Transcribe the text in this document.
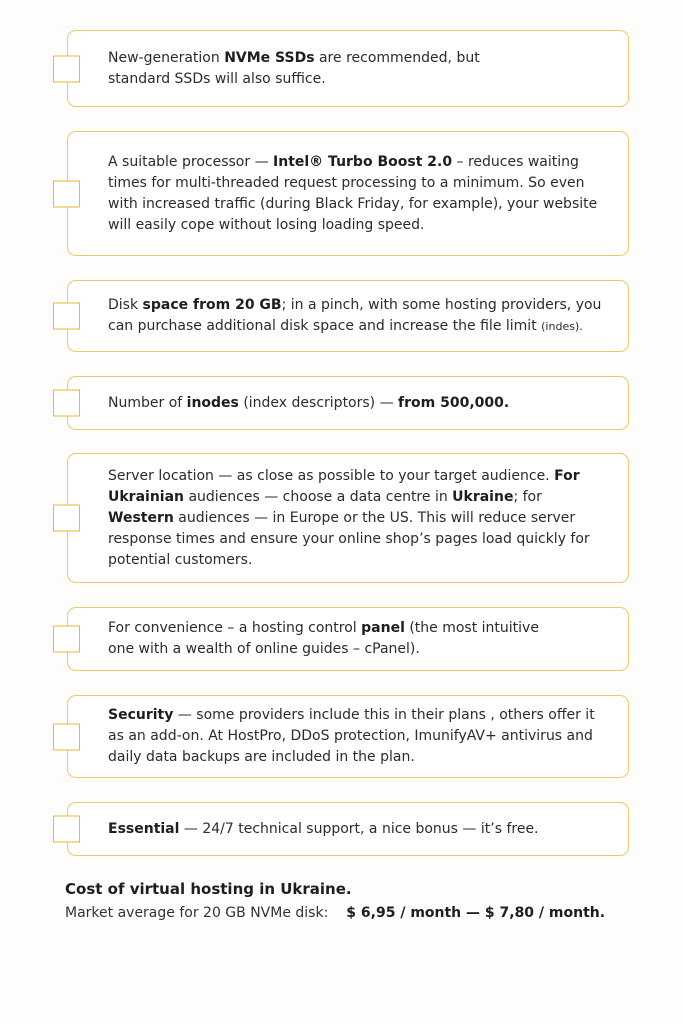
New-generation NVMe SSDs are recommended, but standard SSDs will also suffice.
A suitable processor — Intel® Turbo Boost 2.0 – reduces waiting times for multi-threaded request processing to a minimum. So even with increased traffic (during Black Friday, for example), your website will easily cope without losing loading speed.
Disk space from 20 GB; in a pinch, with some hosting providers, you can purchase additional disk space and increase the file limit (indes).
Number of inodes (index descriptors) — from 500,000.
Server location — as close as possible to your target audience. For Ukrainian audiences — choose a data centre in Ukraine; for Western audiences — in Europe or the US. This will reduce server response times and ensure your online shop’s pages load quickly for potential customers.
For convenience – a hosting control panel (the most intuitive one with a wealth of online guides – cPanel).
Security — some providers include this in their plans , others offer it as an add-on. At HostPro, DDoS protection, ImunifyAV+ antivirus and daily data backups are included in the plan.
Essential — 24/7 technical support, a nice bonus — it’s free.
Cost of virtual hosting in Ukraine.
Market average for 20 GB NVMe disk: $ 6,95 / month — $ 7,80 / month.
